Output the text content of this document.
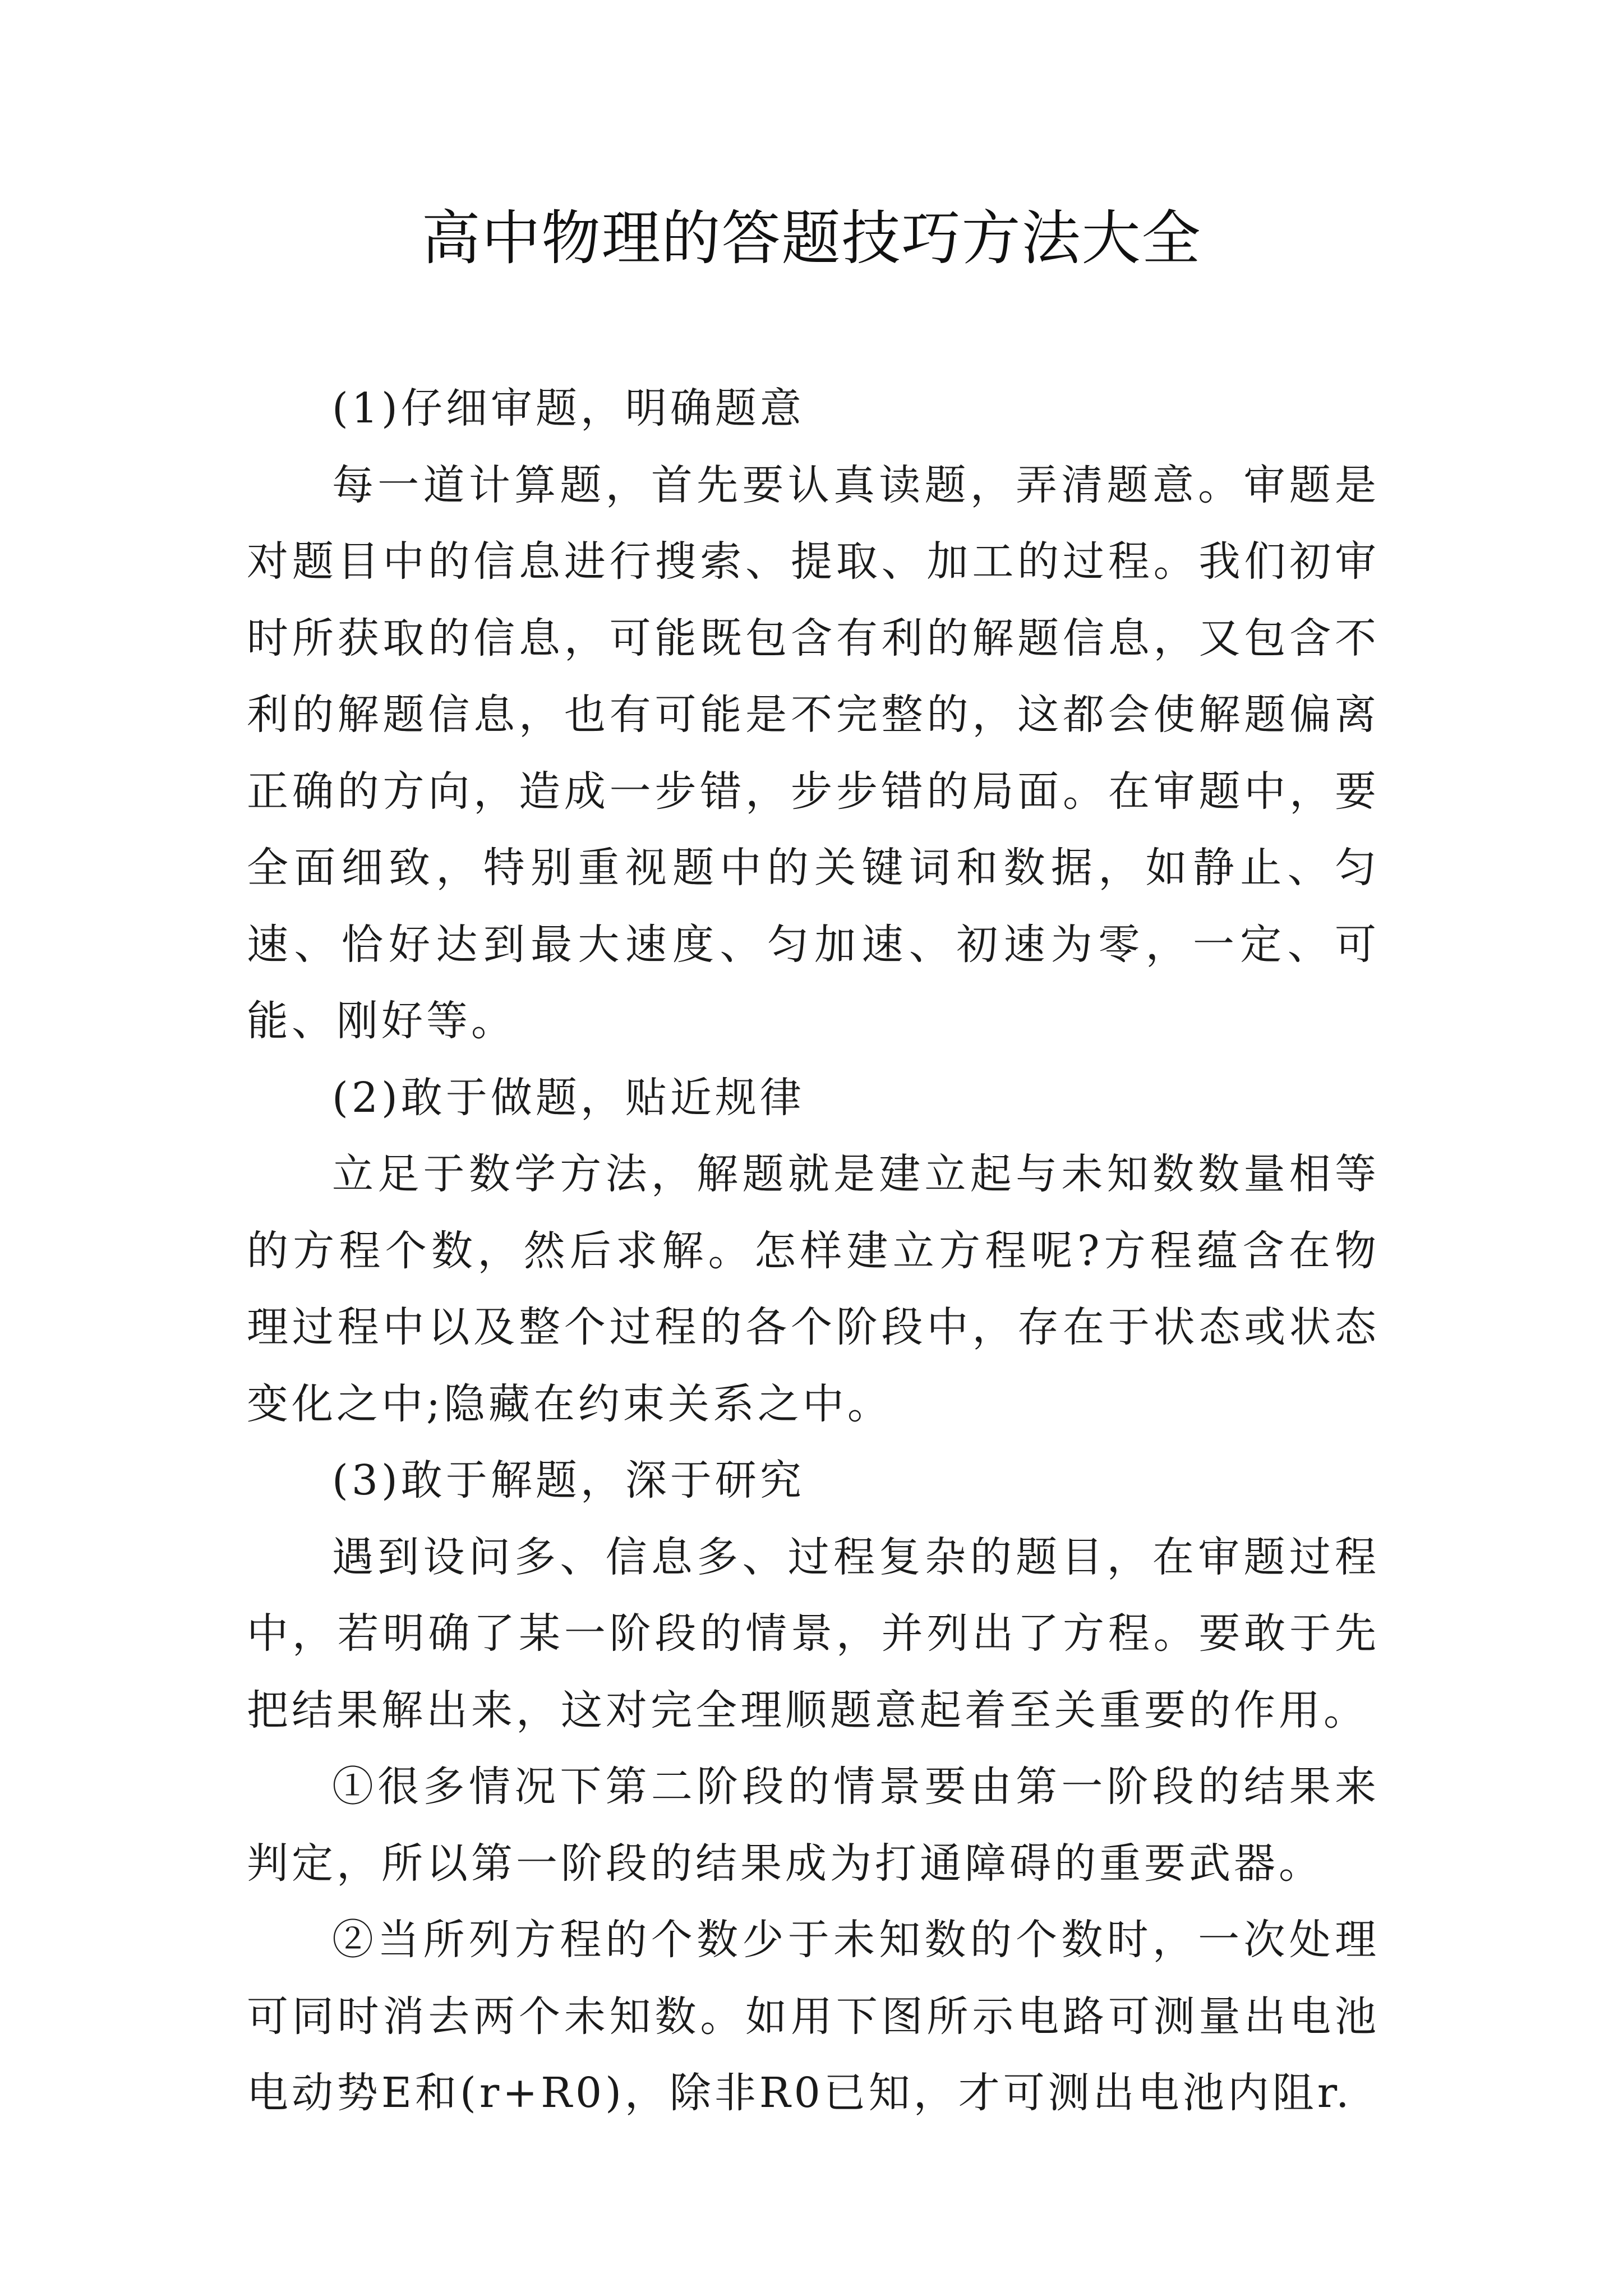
高中物理的答题技巧方法大全

(1)仔细审题，明确题意

每一道计算题，首先要认真读题，弄清题意。审题是对题目中的信息进行搜索、提取、加工的过程。我们初审时所获取的信息，可能既包含有利的解题信息，又包含不利的解题信息，也有可能是不完整的，这都会使解题偏离正确的方向，造成一步错，步步错的局面。在审题中，要全面细致，特别重视题中的关键词和数据，如静止、匀速、恰好达到最大速度、匀加速、初速为零，一定、可能、刚好等。

(2)敢于做题，贴近规律

立足于数学方法，解题就是建立起与未知数数量相等的方程个数，然后求解。怎样建立方程呢?方程蕴含在物理过程中以及整个过程的各个阶段中，存在于状态或状态变化之中;隐藏在约束关系之中。

(3)敢于解题，深于研究

遇到设问多、信息多、过程复杂的题目，在审题过程中，若明确了某一阶段的情景，并列出了方程。要敢于先把结果解出来，这对完全理顺题意起着至关重要的作用。

①很多情况下第二阶段的情景要由第一阶段的结果来判定，所以第一阶段的结果成为打通障碍的重要武器。

②当所列方程的个数少于未知数的个数时，一次处理可同时消去两个未知数。如用下图所示电路可测量出电池电动势E和(r+R0)，除非R0已知，才可测出电池内阻r.
